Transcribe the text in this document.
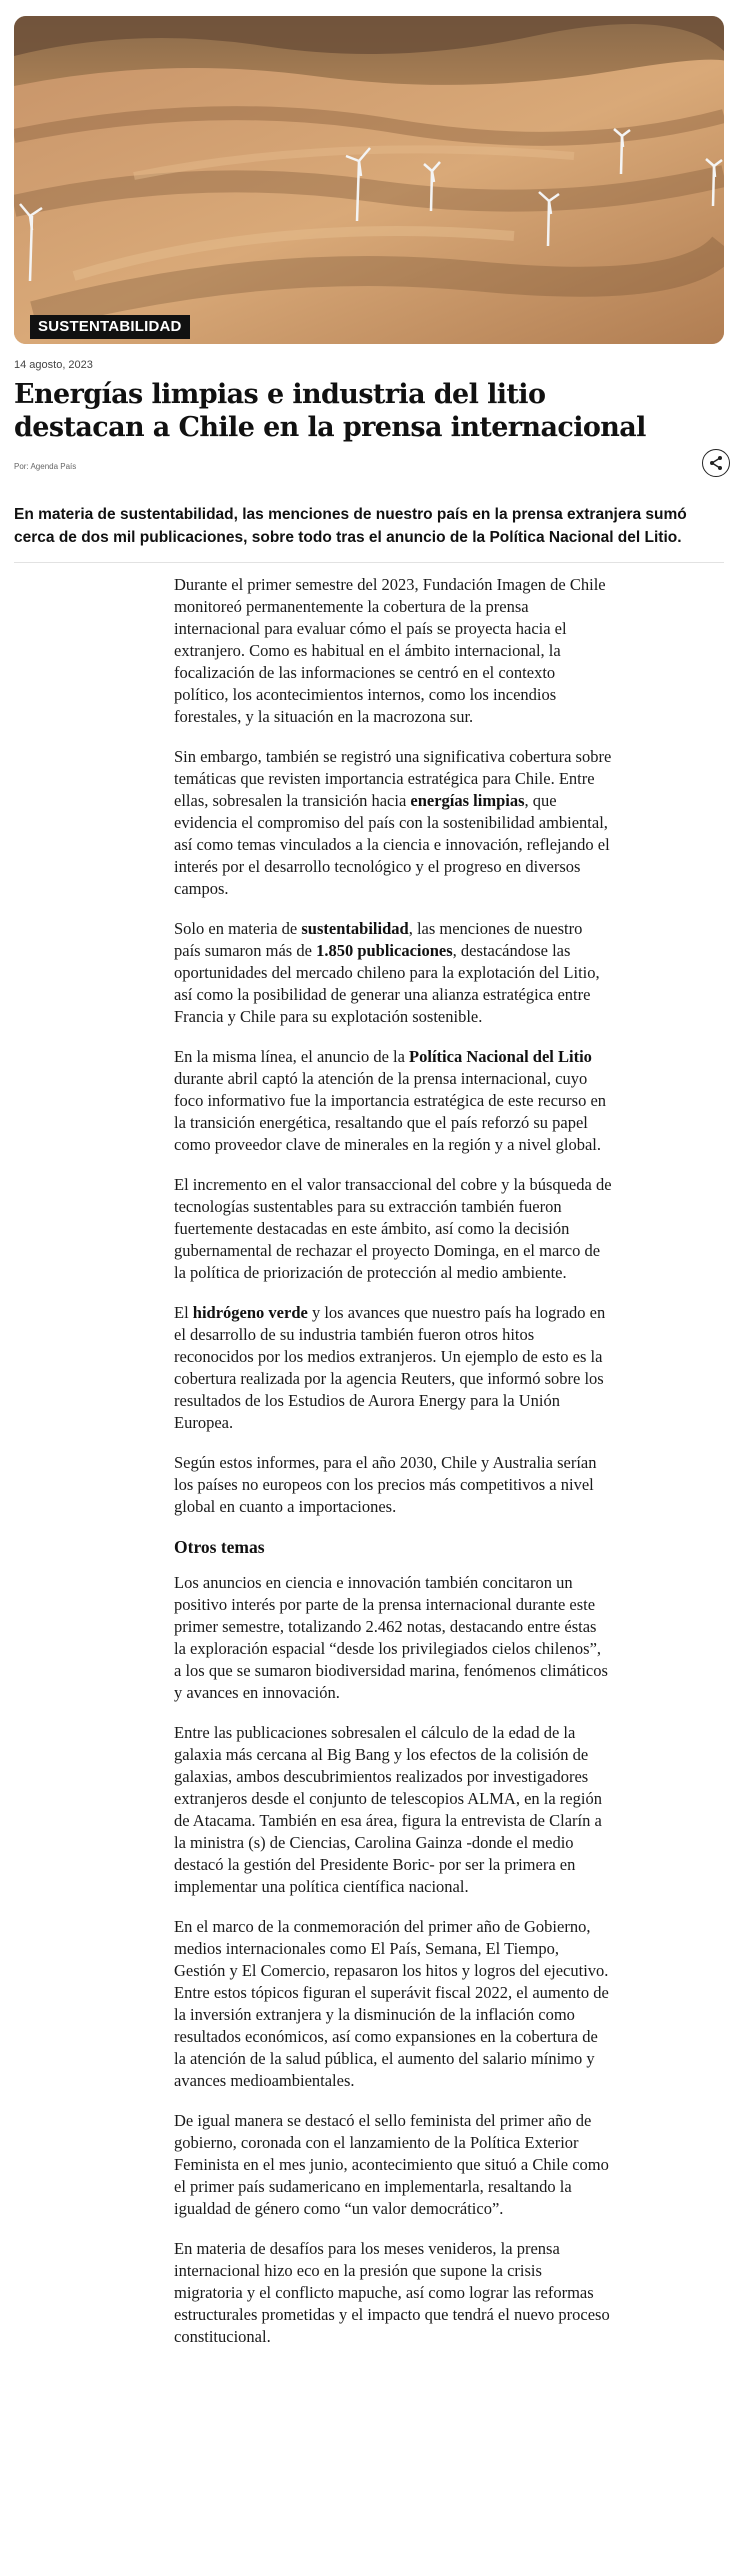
SUSTENTABILIDAD
14 agosto, 2023
Energías limpias e industria del litio destacan a Chile en la prensa internacional
Por: Agenda País

En materia de sustentabilidad, las menciones de nuestro país en la prensa extranjera sumó cerca de dos mil publicaciones, sobre todo tras el anuncio de la Política Nacional del Litio.

Durante el primer semestre del 2023, Fundación Imagen de Chile monitoreó permanentemente la cobertura de la prensa internacional para evaluar cómo el país se proyecta hacia el extranjero. Como es habitual en el ámbito internacional, la focalización de las informaciones se centró en el contexto político, los acontecimientos internos, como los incendios forestales, y la situación en la macrozona sur.

Sin embargo, también se registró una significativa cobertura sobre temáticas que revisten importancia estratégica para Chile. Entre ellas, sobresalen la transición hacia energías limpias, que evidencia el compromiso del país con la sostenibilidad ambiental, así como temas vinculados a la ciencia e innovación, reflejando el interés por el desarrollo tecnológico y el progreso en diversos campos.

Solo en materia de sustentabilidad, las menciones de nuestro país sumaron más de 1.850 publicaciones, destacándose las oportunidades del mercado chileno para la explotación del Litio, así como la posibilidad de generar una alianza estratégica entre Francia y Chile para su explotación sostenible.

En la misma línea, el anuncio de la Política Nacional del Litio durante abril captó la atención de la prensa internacional, cuyo foco informativo fue la importancia estratégica de este recurso en la transición energética, resaltando que el país reforzó su papel como proveedor clave de minerales en la región y a nivel global.

El incremento en el valor transaccional del cobre y la búsqueda de tecnologías sustentables para su extracción también fueron fuertemente destacadas en este ámbito, así como la decisión gubernamental de rechazar el proyecto Dominga, en el marco de la política de priorización de protección al medio ambiente.

El hidrógeno verde y los avances que nuestro país ha logrado en el desarrollo de su industria también fueron otros hitos reconocidos por los medios extranjeros. Un ejemplo de esto es la cobertura realizada por la agencia Reuters, que informó sobre los resultados de los Estudios de Aurora Energy para la Unión Europea.

Según estos informes, para el año 2030, Chile y Australia serían los países no europeos con los precios más competitivos a nivel global en cuanto a importaciones.

Otros temas

Los anuncios en ciencia e innovación también concitaron un positivo interés por parte de la prensa internacional durante este primer semestre, totalizando 2.462 notas, destacando entre éstas la exploración espacial “desde los privilegiados cielos chilenos”, a los que se sumaron biodiversidad marina, fenómenos climáticos y avances en innovación.

Entre las publicaciones sobresalen el cálculo de la edad de la galaxia más cercana al Big Bang y los efectos de la colisión de galaxias, ambos descubrimientos realizados por investigadores extranjeros desde el conjunto de telescopios ALMA, en la región de Atacama. También en esa área, figura la entrevista de Clarín a la ministra (s) de Ciencias, Carolina Gainza -donde el medio destacó la gestión del Presidente Boric- por ser la primera en implementar una política científica nacional.

En el marco de la conmemoración del primer año de Gobierno, medios internacionales como El País, Semana, El Tiempo, Gestión y El Comercio, repasaron los hitos y logros del ejecutivo. Entre estos tópicos figuran el superávit fiscal 2022, el aumento de la inversión extranjera y la disminución de la inflación como resultados económicos, así como expansiones en la cobertura de la atención de la salud pública, el aumento del salario mínimo y avances medioambientales.

De igual manera se destacó el sello feminista del primer año de gobierno, coronada con el lanzamiento de la Política Exterior Feminista en el mes junio, acontecimiento que situó a Chile como el primer país sudamericano en implementarla, resaltando la igualdad de género como “un valor democrático”.

En materia de desafíos para los meses venideros, la prensa internacional hizo eco en la presión que supone la crisis migratoria y el conflicto mapuche, así como lograr las reformas estructurales prometidas y el impacto que tendrá el nuevo proceso constitucional.
